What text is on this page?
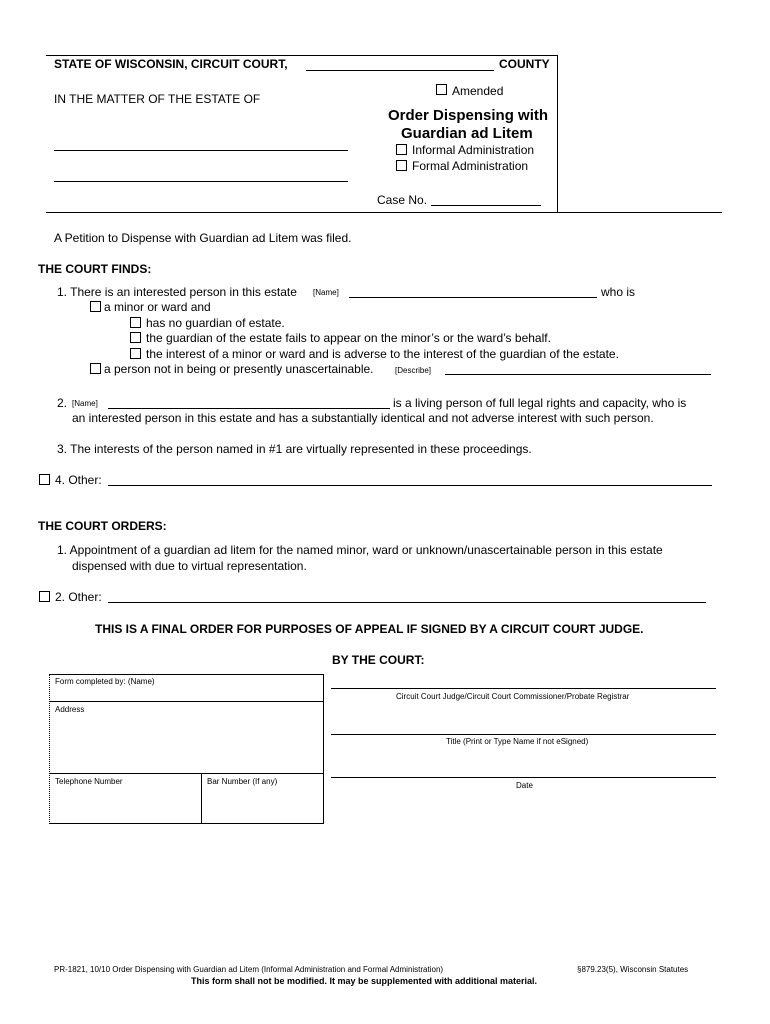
STATE OF WISCONSIN, CIRCUIT COURT,	COUNTY
IN THE MATTER OF THE ESTATE OF
Amended
Order Dispensing with
Guardian ad Litem
Informal Administration
Formal Administration
Case No.
A Petition to Dispense with Guardian ad Litem was filed.
THE COURT FINDS:
1. There is an interested person in this estate [Name]	who is
a minor or ward and
has no guardian of estate.
the guardian of the estate fails to appear on the minor’s or the ward’s behalf.
the interest of a minor or ward and is adverse to the interest of the guardian of the estate.
a person not in being or presently unascertainable.	[Describe]
2. [Name]	is a living person of full legal rights and capacity, who is
an interested person in this estate and has a substantially identical and not adverse interest with such person.
3. The interests of the person named in #1 are virtually represented in these proceedings.
4. Other:
THE COURT ORDERS:
1. Appointment of a guardian ad litem for the named minor, ward or unknown/unascertainable person in this estate
dispensed with due to virtual representation.
2. Other:
THIS IS A FINAL ORDER FOR PURPOSES OF APPEAL IF SIGNED BY A CIRCUIT COURT JUDGE.
BY THE COURT:
Form completed by: (Name)
Address
Telephone Number	Bar Number (If any)
Circuit Court Judge/Circuit Court Commissioner/Probate Registrar
Title (Print or Type Name if not eSigned)
Date
PR-1821, 10/10 Order Dispensing with Guardian ad Litem (Informal Administration and Formal Administration)	§879.23(5), Wisconsin Statutes
This form shall not be modified. It may be supplemented with additional material.
